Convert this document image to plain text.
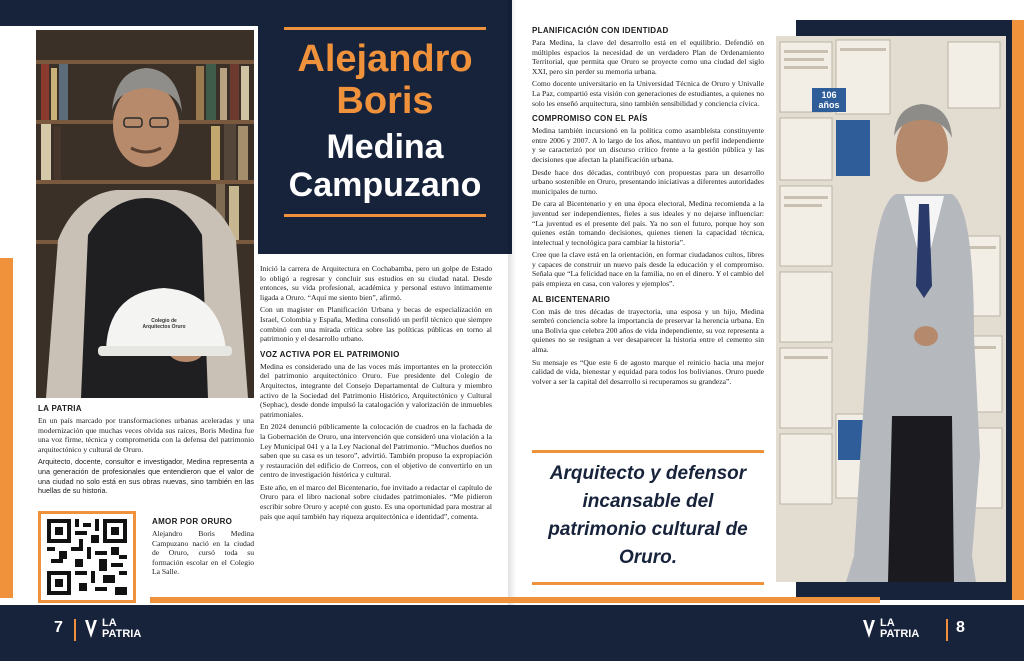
Colegio de Arquitectos Oruro
Alejandro
Boris
Medina
Campuzano
LA PATRIA

En un país marcado por transformaciones urbanas aceleradas y una modernización que muchas veces olvida sus raíces, Boris Medina fue una voz firme, técnica y comprometida con la defensa del patrimonio arquitectónico y cultural de Oruro.

Arquitecto, docente, consultor e investigador, Medina representa a una generación de profesionales que entendieron que el valor de una ciudad no solo está en sus obras nuevas, sino también en las huellas de su historia.

AMOR POR ORURO

Alejandro Boris Medina Campuzano nació en la ciudad de Oruro, cursó toda su formación escolar en el Colegio La Salle.

Inició la carrera de Arquitectura en Cochabamba, pero un golpe de Estado lo obligó a regresar y concluir sus estudios en su ciudad natal. Desde entonces, su vida profesional, académica y personal estuvo íntimamente ligada a Oruro. “Aquí me siento bien”, afirmó.

Con un magíster en Planificación Urbana y becas de especialización en Israel, Colombia y España, Medina consolidó un perfil técnico que siempre combinó con una mirada crítica sobre las políticas públicas en torno al patrimonio y el desarrollo urbano.

VOZ ACTIVA POR EL PATRIMONIO

Medina es considerado una de las voces más importantes en la protección del patrimonio arquitectónico Oruro. Fue presidente del Colegio de Arquitectos, integrante del Consejo Departamental de Cultura y miembro activo de la Sociedad del Patrimonio Histórico, Arquitectónico y Cultural (Sephac), desde donde impulsó la catalogación y valorización de inmuebles patrimoniales.

En 2024 denunció públicamente la colocación de cuadros en la fachada de la Gobernación de Oruro, una intervención que consideró una violación a la Ley Municipal 041 y a la Ley Nacional del Patrimonio. “Muchos dueños no saben que su casa es un tesoro”, advirtió. También propuso la expropiación y restauración del edificio de Correos, con el objetivo de convertirlo en un centro de investigación histórica y cultural.

Este año, en el marco del Bicentenario, fue invitado a redactar el capítulo de Oruro para el libro nacional sobre ciudades patrimoniales. “Me pidieron escribir sobre Oruro y acepté con gusto. Es una oportunidad para mostrar al país que aquí también hay riqueza arquitectónica e identidad”, comenta.

PLANIFICACIÓN CON IDENTIDAD

Para Medina, la clave del desarrollo está en el equilibrio. Defendió en múltiples espacios la necesidad de un verdadero Plan de Ordenamiento Territorial, que permita que Oruro se proyecte como una ciudad del siglo XXI, pero sin perder su memoria urbana.

Como docente universitario en la Universidad Técnica de Oruro y Univalle La Paz, compartió esta visión con generaciones de estudiantes, a quienes no solo les enseñó arquitectura, sino también sensibilidad y conciencia cívica.

COMPROMISO CON EL PAÍS

Medina también incursionó en la política como asambleísta constituyente entre 2006 y 2007. A lo largo de los años, mantuvo un perfil independiente y se caracterizó por un discurso crítico frente a la gestión pública y las decisiones que afectan la planificación urbana.

Desde hace dos décadas, contribuyó con propuestas para un desarrollo urbano sostenible en Oruro, presentando iniciativas a diferentes autoridades municipales de turno.

De cara al Bicentenario y en una época electoral, Medina recomienda a la juventud ser independientes, fieles a sus ideales y no dejarse influenciar: “La juventud es el presente del país. Ya no son el futuro, porque hoy son quienes están tomando decisiones, quienes tienen la capacidad técnica, intelectual y tecnológica para cambiar la historia”.

Cree que la clave está en la orientación, en formar ciudadanos cultos, libres y capaces de construir un nuevo país desde la educación y el compromiso. Señala que “La felicidad nace en la familia, no en el dinero. Y el cambio del país empieza en casa, con valores y ejemplos”.

AL BICENTENARIO

Con más de tres décadas de trayectoria, una esposa y un hijo, Medina sembró conciencia sobre la importancia de preservar la herencia urbana. En una Bolivia que celebra 200 años de vida independiente, su voz representa a quienes no se resignan a ver desaparecer la historia entre el cemento sin alma.

Su mensaje es “Que este 6 de agosto marque el reinicio hacia una mejor calidad de vida, bienestar y equidad para todos los bolivianos. Oruro puede volver a ser la capital del desarrollo si recuperamos su grandeza”.

Arquitecto y defensor incansable del patrimonio cultural de Oruro.
106 años
7	LA
PATRIA
LA
PATRIA 8
